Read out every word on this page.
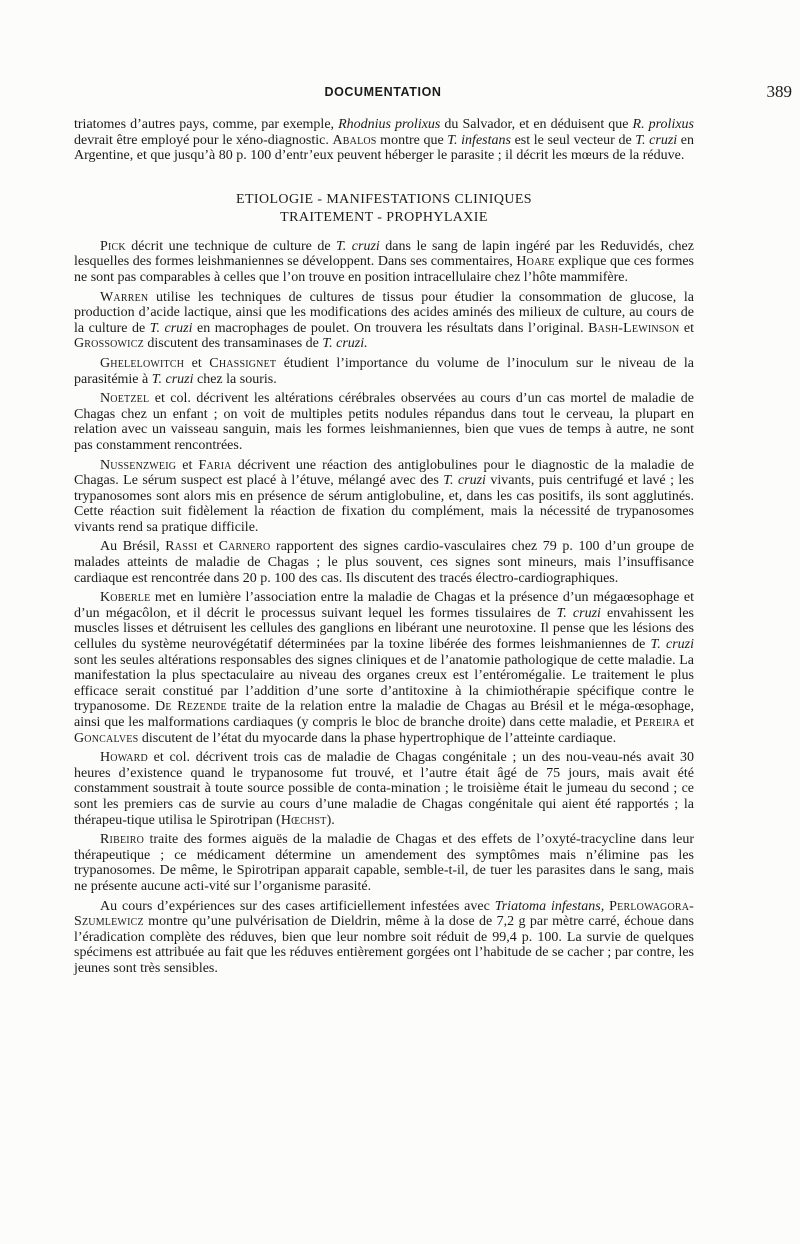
DOCUMENTATION	389

triatomes d’autres pays, comme, par exemple, Rhodnius prolixus du Salvador, et en déduisent que R. prolixus devrait être employé pour le xéno-diagnostic. Abalos montre que T. infestans est le seul vecteur de T. cruzi en Argentine, et que jusqu’à 80 p. 100 d’entr’eux peuvent héberger le parasite ; il décrit les mœurs de la réduve.

ETIOLOGIE - MANIFESTATIONS CLINIQUES
TRAITEMENT - PROPHYLAXIE

Pick décrit une technique de culture de T. cruzi dans le sang de lapin ingéré par les Reduvidés, chez lesquelles des formes leishmaniennes se développent. Dans ses commentaires, Hoare explique que ces formes ne sont pas comparables à celles que l’on trouve en position intracellulaire chez l’hôte mammifère.

Warren utilise les techniques de cultures de tissus pour étudier la consommation de glucose, la production d’acide lactique, ainsi que les modifications des acides aminés des milieux de culture, au cours de la culture de T. cruzi en macrophages de poulet. On trouvera les résultats dans l’original. Bash-Lewinson et Grossowicz discutent des transaminases de T. cruzi.

Ghelelowitch et Chassignet étudient l’importance du volume de l’inoculum sur le niveau de la parasitémie à T. cruzi chez la souris.

Noetzel et col. décrivent les altérations cérébrales observées au cours d’un cas mortel de maladie de Chagas chez un enfant ; on voit de multiples petits nodules répandus dans tout le cerveau, la plupart en relation avec un vaisseau sanguin, mais les formes leishmaniennes, bien que vues de temps à autre, ne sont pas constamment rencontrées.

Nussenzweig et Faria décrivent une réaction des antiglobulines pour le diagnostic de la maladie de Chagas. Le sérum suspect est placé à l’étuve, mélangé avec des T. cruzi vivants, puis centrifugé et lavé ; les trypanosomes sont alors mis en présence de sérum antiglobuline, et, dans les cas positifs, ils sont agglutinés. Cette réaction suit fidèlement la réaction de fixation du complément, mais la nécessité de trypanosomes vivants rend sa pratique difficile.

Au Brésil, Rassi et Carnero rapportent des signes cardio-vasculaires chez 79 p. 100 d’un groupe de malades atteints de maladie de Chagas ; le plus souvent, ces signes sont mineurs, mais l’insuffisance cardiaque est rencontrée dans 20 p. 100 des cas. Ils discutent des tracés électro-cardiographiques.

Koberle met en lumière l’association entre la maladie de Chagas et la présence d’un mégaœsophage et d’un mégacôlon, et il décrit le processus suivant lequel les formes tissulaires de T. cruzi envahissent les muscles lisses et détruisent les cellules des ganglions en libérant une neurotoxine. Il pense que les lésions des cellules du système neurovégétatif déterminées par la toxine libérée des formes leishmaniennes de T. cruzi sont les seules altérations responsables des signes cliniques et de l’anatomie pathologique de cette maladie. La manifestation la plus spectaculaire au niveau des organes creux est l’entéromégalie. Le traitement le plus efficace serait constitué par l’addition d’une sorte d’antitoxine à la chimiothérapie spécifique contre le trypanosome. De Rezende traite de la relation entre la maladie de Chagas au Brésil et le méga-œsophage, ainsi que les malformations cardiaques (y compris le bloc de branche droite) dans cette maladie, et Pereira et Goncalves discutent de l’état du myocarde dans la phase hypertrophique de l’atteinte cardiaque.

Howard et col. décrivent trois cas de maladie de Chagas congénitale ; un des nou-veau-nés avait 30 heures d’existence quand le trypanosome fut trouvé, et l’autre était âgé de 75 jours, mais avait été constamment soustrait à toute source possible de conta-mination ; le troisième était le jumeau du second ; ce sont les premiers cas de survie au cours d’une maladie de Chagas congénitale qui aient été rapportés ; la thérapeu-tique utilisa le Spirotripan (Hœchst).

Ribeiro traite des formes aiguës de la maladie de Chagas et des effets de l’oxyté-tracycline dans leur thérapeutique ; ce médicament détermine un amendement des symptômes mais n’élimine pas les trypanosomes. De même, le Spirotripan apparait capable, semble-t-il, de tuer les parasites dans le sang, mais ne présente aucune acti-vité sur l’organisme parasité.

Au cours d’expériences sur des cases artificiellement infestées avec Triatoma infestans, Perlowagora-Szumlewicz montre qu’une pulvérisation de Dieldrin, même à la dose de 7,2 g par mètre carré, échoue dans l’éradication complète des réduves, bien que leur nombre soit réduit de 99,4 p. 100. La survie de quelques spécimens est attribuée au fait que les réduves entièrement gorgées ont l’habitude de se cacher ; par contre, les jeunes sont très sensibles.
